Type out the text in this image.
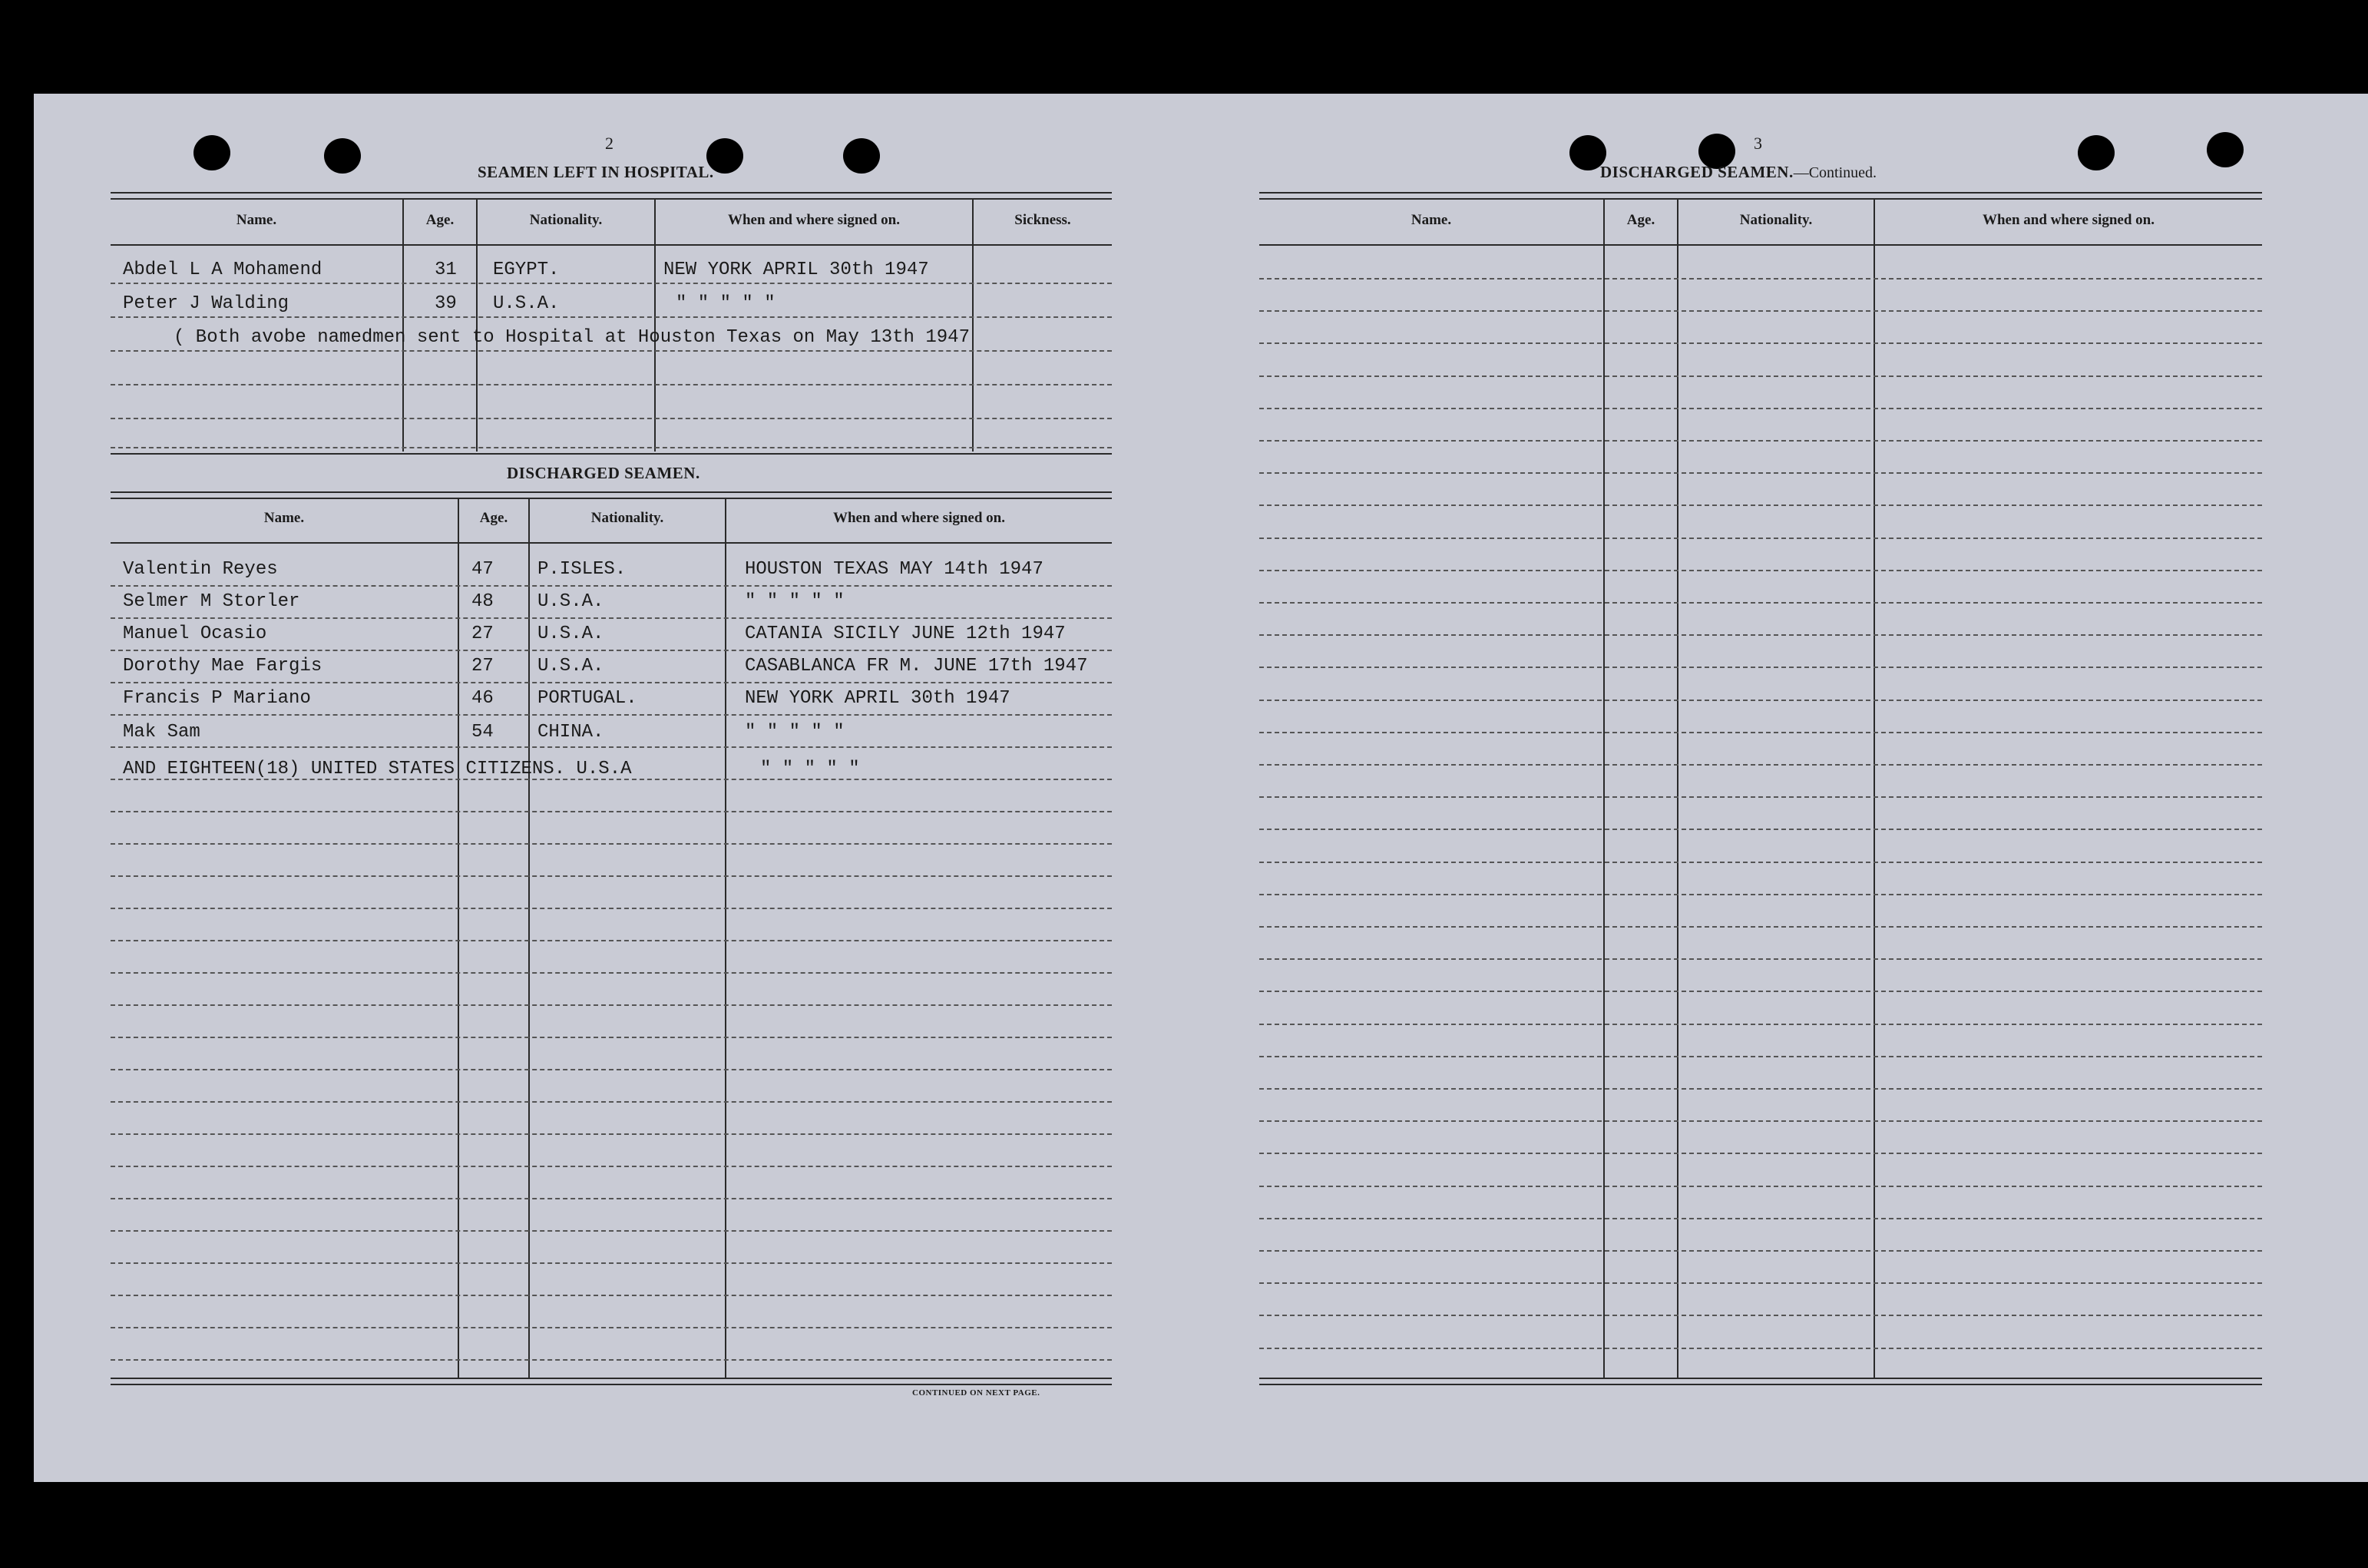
2
SEAMEN LEFT IN HOSPITAL.
Name.	Age.	Nationality.	When and where signed on.	Sickness.
Abdel L A Mohamend	31 EGYPT.	NEW YORK APRIL 30th 1947
Peter J Walding	39 U.S.A.	" " " " "
( Both avobe namedmen sent to Hospital at Houston Texas on May 13th 1947
DISCHARGED SEAMEN.
Name.	Age.	Nationality.	When and where signed on.
Valentin Reyes	47 P.ISLES.	HOUSTON TEXAS MAY 14th 1947
Selmer M Storler	48 U.S.A.	" " " " "
Manuel Ocasio	27 U.S.A.	CATANIA SICILY JUNE 12th 1947
Dorothy Mae Fargis	27 U.S.A.	CASABLANCA FR M. JUNE 17th 1947
Francis P Mariano	46 PORTUGAL.	NEW YORK APRIL 30th 1947
Mak Sam	54 CHINA.	" " " " "
AND EIGHTEEN(18) UNITED STATES CITIZENS. U.S.A	" " " " "
CONTINUED ON NEXT PAGE.
3
DISCHARGED SEAMEN.—Continued.
Name.	Age.	Nationality.	When and where signed on.
